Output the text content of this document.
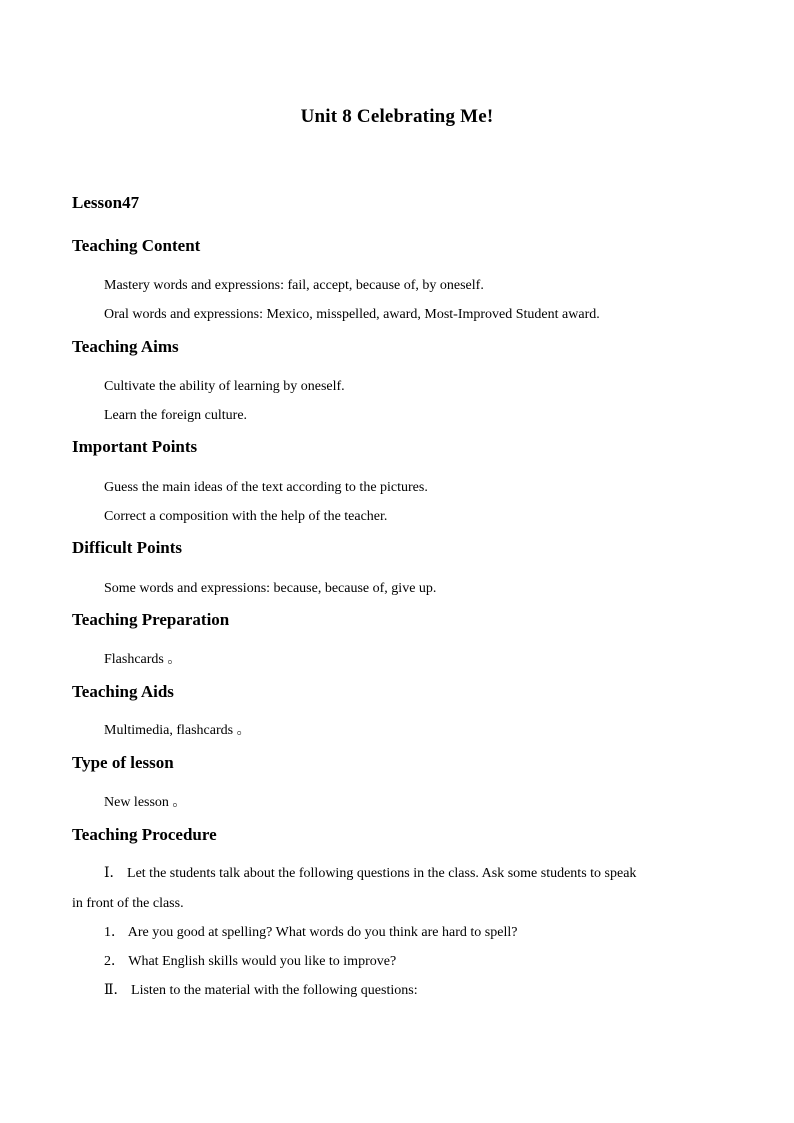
Unit 8 Celebrating Me!
Lesson47
Teaching Content
Mastery words and expressions: fail, accept, because of, by oneself.
Oral words and expressions: Mexico, misspelled, award, Most-Improved Student award.
Teaching Aims
Cultivate the ability of learning by oneself.
Learn the foreign culture.
Important Points
Guess the main ideas of the text according to the pictures.
Correct a composition with the help of the teacher.
Difficult Points
Some words and expressions: because, because of, give up.
Teaching Preparation
Flashcards 。
Teaching Aids
Multimedia, flashcards 。
Type of lesson
New lesson 。
Teaching Procedure
Ⅰ． Let the students talk about the following questions in the class. Ask some students to speak
in front of the class.
1． Are you good at spelling? What words do you think are hard to spell?
2． What English skills would you like to improve?
Ⅱ． Listen to the material with the following questions:
